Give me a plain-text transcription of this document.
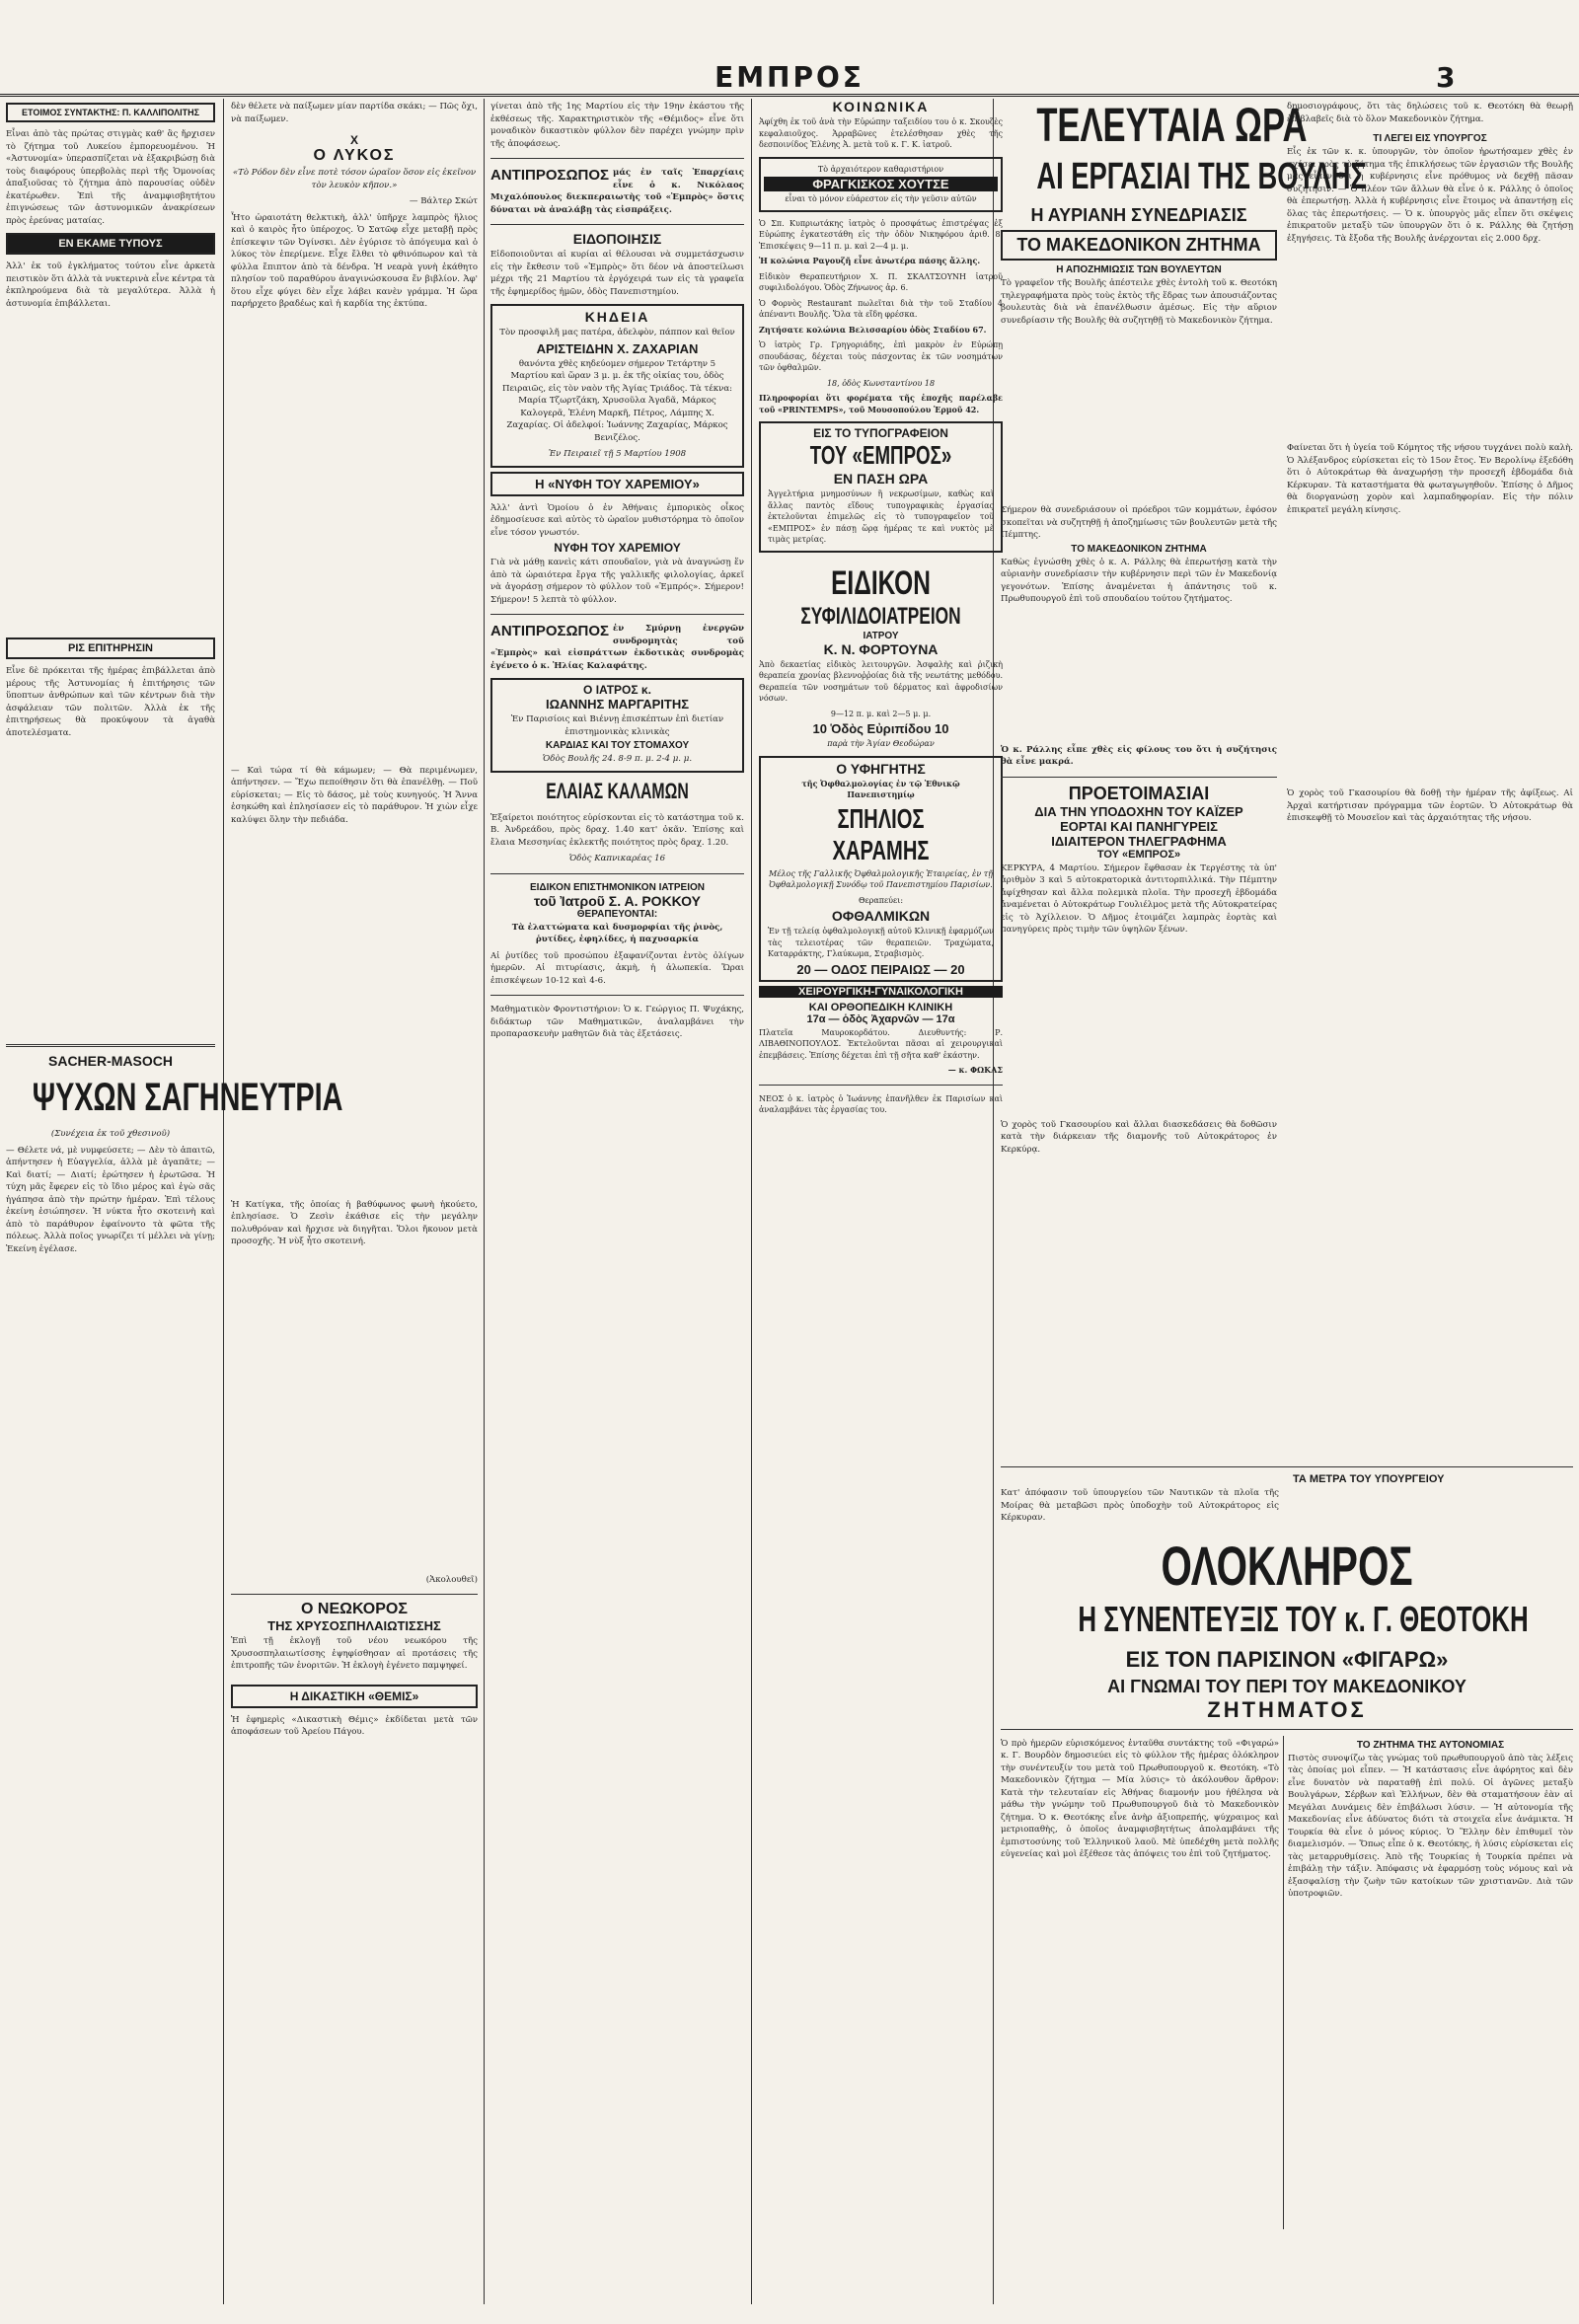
ΕΜΠΡΟΣ	3
ΕΤΟΙΜΟΣ ΣΥΝΤΑΚΤΗΣ: Π. ΚΑΛΛΙΠΟΛΙΤΗΣ
Εἶναι ἀπὸ τὰς πρώτας στιγμὰς καθ' ἃς ἤρχισεν τὸ ζήτημα τοῦ Λυκείου ἐμπορευομένου. Ἡ «Ἀστυνομία» ὑπερασπίζεται νὰ ἐξακριβώσῃ διὰ τοὺς διαφόρους ὑπερβολὰς περὶ τῆς Ὁμονοίας ἀπαξιοῦσας τὸ ζήτημα ἀπὸ παρουσίας οὐδὲν ἐκατέρωθεν. Ἐπὶ τῆς ἀναμφισβητήτου ἐπιγνώσεως τῶν ἀστυνομικῶν ἀνακρίσεων πρὸς ἐρεύνας ματαίας.
ΕΝ ΕΚΑΜΕ ΤΥΠΟΥΣ
Ἀλλ' ἐκ τοῦ ἐγκλήματος τούτου εἶνε ἀρκετὰ πειστικὸν ὅτι ἀλλὰ τὰ νυκτερινὰ εἶνε κέντρα τὰ ἐκπληρούμενα διὰ τὰ μεγαλύτερα. Ἀλλὰ ἡ ἀστυνομία ἐπιβάλλεται.
ΡΙΣ ΕΠΙΤΗΡΗΣΙΝ
Εἶνε δὲ πρόκειται τῆς ἡμέρας ἐπιβάλλεται ἀπὸ μέρους τῆς Ἀστυνομίας ἡ ἐπιτήρησις τῶν ὕποπτων ἀνθρώπων καὶ τῶν κέντρων διὰ τὴν ἀσφάλειαν τῶν πολιτῶν. Ἀλλὰ ἐκ τῆς ἐπιτηρήσεως θὰ προκύψουν τὰ ἀγαθὰ ἀποτελέσματα.
SACHER-MASOCH
ΨΥΧΩΝ ΣΑΓΗΝΕΥΤΡΙΑ
(Συνέχεια ἐκ τοῦ χθεσινοῦ)
— Θέλετε νά, μὲ νυμφεύσετε; — Δὲν τὸ ἀπαιτῶ, ἀπήντησεν ἡ Εὐαγγελία, ἀλλὰ μὲ ἀγαπᾶτε; — Καὶ διατί; — Διατί; ἐρώτησεν ἡ ἐρωτῶσα. Ἡ τύχη μᾶς ἔφερεν εἰς τὸ ἴδιο μέρος καὶ ἐγὼ σᾶς ἠγάπησα ἀπὸ τὴν πρώτην ἡμέραν. Ἐπὶ τέλους ἐκείνη ἐσιώπησεν. Ἡ νύκτα ἦτο σκοτεινὴ καὶ ἀπὸ τὸ παράθυρον ἐφαίνοντο τὰ φῶτα τῆς πόλεως. Ἀλλὰ ποῖος γνωρίζει τί μέλλει νὰ γίνῃ; Ἐκείνη ἐγέλασε.
δὲν θέλετε νὰ παίξωμεν μίαν παρτίδα σκάκι; — Πῶς ὄχι, νὰ παίξωμεν.
Χ
Ο ΛΥΚΟΣ
«Τὸ Ρόδον δὲν εἶνε ποτὲ τόσον ὡραῖον ὅσον εἰς ἐκεῖνον τὸν λευκὸν κῆπον.»
— Βάλτερ Σκώτ
Ἦτο ὡραιοτάτη θελκτικὴ, ἀλλ' ὑπῆρχε λαμπρὸς ἥλιος καὶ ὁ καιρὸς ἦτο ὑπέροχος. Ὁ Σατῶφ εἶχε μεταβῇ πρὸς ἐπίσκεψιν τῶν Ὀγίνσκι. Δὲν ἐγύρισε τὸ ἀπόγευμα καὶ ὁ λύκος τὸν ἐπερίμενε. Εἶχε ἔλθει τὸ φθινόπωρον καὶ τὰ φύλλα ἔπιπτον ἀπὸ τὰ δένδρα. Ἡ νεαρὰ γυνὴ ἐκάθητο πλησίον τοῦ παραθύρου ἀναγινώσκουσα ἕν βιβλίον. Ἀφ' ὅτου εἶχε φύγει δὲν εἶχε λάβει κανὲν γράμμα. Ἡ ὥρα παρήρχετο βραδέως καὶ ἡ καρδία της ἐκτύπα.
— Καὶ τώρα τί θὰ κάμωμεν; — Θὰ περιμένωμεν, ἀπήντησεν. — Ἔχω πεποίθησιν ὅτι θὰ ἐπανέλθῃ. — Ποῦ εὑρίσκεται; — Εἰς τὸ δάσος, μὲ τοὺς κυνηγούς. Ἡ Ἄννα ἐσηκώθη καὶ ἐπλησίασεν εἰς τὸ παράθυρον. Ἡ χιὼν εἶχε καλύψει ὅλην τὴν πεδιάδα.
Ἡ Κατίγκα, τῆς ὁποίας ἡ βαθύφωνος φωνὴ ἠκούετο, ἐπλησίασε. Ὁ Ζεσὶν ἐκάθισε εἰς τὴν μεγάλην πολυθρόναν καὶ ἤρχισε νὰ διηγῆται. Ὅλοι ἤκουον μετὰ προσοχῆς. Ἡ νὺξ ἦτο σκοτεινή.
(Ἀκολουθεῖ)
Ο ΝΕΩΚΟΡΟΣ
ΤΗΣ ΧΡΥΣΟΣΠΗΛΑΙΩΤΙΣΣΗΣ
Ἐπὶ τῇ ἐκλογῇ τοῦ νέου νεωκόρου τῆς Χρυσοσπηλαιωτίσσης ἐψηφίσθησαν αἱ προτάσεις τῆς ἐπιτροπῆς τῶν ἐνοριτῶν. Ἡ ἐκλογὴ ἐγένετο παμψηφεί.
Η ΔΙΚΑΣΤΙΚΗ «ΘΕΜΙΣ»
Ἡ ἐφημερὶς «Δικαστικὴ Θέμις» ἐκδίδεται μετὰ τῶν ἀποφάσεων τοῦ Ἀρείου Πάγου.
γίνεται ἀπὸ τῆς 1ης Μαρτίου εἰς τὴν 19ην ἐκάστου τῆς ἐκθέσεως τῆς. Χαρακτηριστικὸν τῆς «Θέμιδος» εἶνε ὅτι μοναδικὸν δικαστικὸν φύλλον δὲν παρέχει γνώμην πρὶν τῆς ἀποφάσεως.
ΑΝΤΙΠΡΟΣΩΠΟΣ μάς ἐν ταῖς Ἐπαρχίαις εἶνε ὁ κ. Νικόλαος Μιχαλόπουλος διεκπεραιωτὴς τοῦ «Ἐμπρὸς» ὅστις δύναται νὰ ἀναλάβῃ τὰς εἰσπράξεις.
ΕΙΔΟΠΟΙΗΣΙΣ
Εἰδοποιοῦνται αἱ κυρίαι αἱ θέλουσαι νὰ συμμετάσχωσιν εἰς τὴν ἔκθεσιν τοῦ «Ἐμπρὸς» ὅτι δέον νὰ ἀποστείλωσι μέχρι τῆς 21 Μαρτίου τὰ ἐργόχειρά των εἰς τὰ γραφεῖα τῆς ἐφημερίδος ἡμῶν, ὁδὸς Πανεπιστημίου.
ΚΗΔΕΙΑ
Τὸν προσφιλῆ μας πατέρα, ἀδελφὸν, πάππον καὶ θεῖον
ΑΡΙΣΤΕΙΔΗΝ Χ. ΖΑΧΑΡΙΑΝ
θανόντα χθὲς κηδεύομεν σήμερον Τετάρτην 5 Μαρτίου καὶ ὥραν 3 μ. μ. ἐκ τῆς οἰκίας του, ὁδὸς Πειραιῶς, εἰς τὸν ναὸν τῆς Ἁγίας Τριάδος. Τὰ τέκνα: Μαρία Τζωρτζάκη, Χρυσοῦλα Ἀγαδᾶ, Μάρκος Καλογερᾶ, Ἑλένη Μαρκῆ, Πέτρος, Λάμπης Χ. Ζαχαρίας. Οἱ ἀδελφοί: Ἰωάννης Ζαχαρίας, Μάρκος Βενιζέλος.
Ἐν Πειραιεῖ τῇ 5 Μαρτίου 1908
Η «ΝΥΦΗ ΤΟΥ ΧΑΡΕΜΙΟΥ»
Ἀλλ' ἀντὶ Ὁμοίου ὁ ἐν Ἀθήναις ἐμπορικὸς οἶκος ἐδημοσίευσε καὶ αὐτὸς τὸ ὡραῖον μυθιστόρημα τὸ ὁποῖον εἶνε τόσον γνωστόν.
ΝΥΦΗ ΤΟΥ ΧΑΡΕΜΙΟΥ
Γιὰ νὰ μάθῃ κανεὶς κάτι σπουδαῖον, γιὰ νὰ ἀναγνώσῃ ἕν ἀπὸ τὰ ὡραιότερα ἔργα τῆς γαλλικῆς φιλολογίας, ἀρκεῖ νὰ ἀγοράσῃ σήμερον τὸ φύλλον τοῦ «Ἐμπρός». Σήμερον! Σήμερον! 5 λεπτὰ τὸ φύλλον.
ΑΝΤΙΠΡΟΣΩΠΟΣ ἐν Σμύρνῃ ἐνεργῶν συνδρομητὰς τοῦ «Ἐμπρὸς» καὶ εἰσπράττων ἐκδοτικὰς συνδρομὰς ἐγένετο ὁ κ. Ἠλίας Καλαφάτης.
Ο ΙΑΤΡΟΣ κ.
ΙΩΑΝΝΗΣ ΜΑΡΓΑΡΙΤΗΣ
Ἐν Παρισίοις καὶ Βιέννῃ ἐπισκέπτων ἐπὶ διετίαν ἐπιστημονικὰς κλινικὰς
ΚΑΡΔΙΑΣ ΚΑΙ ΤΟΥ ΣΤΟΜΑΧΟΥ
Ὁδὸς Βουλῆς 24. 8-9 π. μ. 2-4 μ. μ.
ΕΛΑΙΑΣ ΚΑΛΑΜΩΝ
Ἐξαίρετοι ποιότητος εὑρίσκονται εἰς τὸ κατάστημα τοῦ κ. Β. Ἀνδρεάδου, πρὸς δραχ. 1.40 κατ' ὀκᾶν. Ἐπίσης καὶ ἔλαια Μεσσηνίας ἐκλεκτῆς ποιότητος πρὸς δραχ. 1.20.
Ὁδὸς Καπνικαρέας 16
ΕΙΔΙΚΟΝ ΕΠΙΣΤΗΜΟΝΙΚΟΝ ΙΑΤΡΕΙΟΝ
τοῦ Ἰατροῦ Σ. Α. ΡΟΚΚΟΥ
ΘΕΡΑΠΕΥΟΝΤΑΙ:
Τὰ ἐλαττώματα καὶ δυσμορφίαι τῆς ῥινὸς, ῥυτίδες, ἐφηλίδες, ἡ παχυσαρκία
Αἱ ῥυτίδες τοῦ προσώπου ἐξαφανίζονται ἐντὸς ὀλίγων ἡμερῶν. Αἱ πιτυρίασις, ἀκμὴ, ἡ ἀλωπεκία. Ὥραι ἐπισκέψεων 10-12 καὶ 4-6.
Μαθηματικὸν Φροντιστήριον: Ὁ κ. Γεώργιος Π. Ψυχάκης, διδάκτωρ τῶν Μαθηματικῶν, ἀναλαμβάνει τὴν προπαρασκευὴν μαθητῶν διὰ τὰς ἐξετάσεις.
ΚΟΙΝΩΝΙΚΑ
Ἀφίχθη ἐκ τοῦ ἀνὰ τὴν Εὐρώπην ταξειδίου του ὁ κ. Σκουζὲς κεφαλαιοῦχος. Ἀρραβῶνες ἐτελέσθησαν χθὲς τῆς δεσποινίδος Ἑλένης Ἀ. μετὰ τοῦ κ. Γ. Κ. ἰατροῦ.
Τὸ ἀρχαιότερον καθαριστήριον
ΦΡΑΓΚΙΣΚΟΣ ΧΟΥΤΣΕ
εἶναι τὸ μόνον εὐάρεστον εἰς τὴν γεῦσιν αὐτῶν
Ὁ Σπ. Κυπριωτάκης ἰατρὸς ὁ προσφάτως ἐπιστρέψας ἐξ Εὐρώπης ἐγκατεστάθη εἰς τὴν ὁδὸν Νικηφόρου ἀριθ. 8. Ἐπισκέψεις 9—11 π. μ. καὶ 2—4 μ. μ.
Ἡ κολώνια Ραγουζῆ εἶνε ἀνωτέρα πάσης ἄλλης.
Εἰδικὸν Θεραπευτήριον Χ. Π. ΣΚΑΛΤΣΟΥΝΗ ἰατροῦ συφιλιδολόγου. Ὁδὸς Ζήνωνος ἀρ. 6.
Ὁ Φορνὸς Restaurant πωλεῖται διὰ τὴν τοῦ Σταδίου 4 ἀπέναντι Βουλῆς. Ὅλα τὰ εἴδη φρέσκα.
Ζητήσατε κολώνια Βελισσαρίου ὁδὸς Σταδίου 67.
Ὁ ἰατρὸς Γρ. Γρηγοριάδης, ἐπὶ μακρὸν ἐν Εὐρώπῃ σπουδάσας, δέχεται τοὺς πάσχοντας ἐκ τῶν νοσημάτων τῶν ὀφθαλμῶν.
18, ὁδὸς Κωνσταντίνου 18
Πληροφορίαι ὅτι φορέματα τῆς ἐποχῆς παρέλαβε τοῦ «PRINTEMPS», τοῦ Μουσοπούλου Ἑρμοῦ 42.
ΕΙΣ ΤΟ ΤΥΠΟΓΡΑΦΕΙΟΝ
ΤΟΥ «ΕΜΠΡΟΣ»
ΕΝ ΠΑΣΗ ΩΡΑ
Ἀγγελτήρια μνημοσύνων ἢ νεκρωσίμων, καθὼς καὶ ἄλλας παντὸς εἴδους τυπογραφικὰς ἐργασίας ἐκτελοῦνται ἐπιμελῶς εἰς τὸ τυπογραφεῖον τοῦ «ΕΜΠΡΟΣ» ἐν πάσῃ ὥρᾳ ἡμέρας τε καὶ νυκτὸς μὲ τιμὰς μετρίας.
ΕΙΔΙΚΟΝ
ΣΥΦΙΛΙΔΟΙΑΤΡΕΙΟΝ
ΙΑΤΡΟΥ
Κ. Ν. ΦΟΡΤΟΥΝΑ
Ἀπὸ δεκαετίας εἰδικὸς λειτουργῶν. Ἀσφαλὴς καὶ ῥιζικὴ θεραπεία χρονίας βλεννοῤῥοίας διὰ τῆς νεωτάτης μεθόδου. Θεραπεία τῶν νοσημάτων τοῦ δέρματος καὶ ἀφροδισίων νόσων.
9—12 π. μ. καὶ 2—5 μ. μ.
10 Ὁδὸς Εὐριπίδου 10
παρὰ τὴν Ἁγίαν Θεοδώραν
Ο ΥΦΗΓΗΤΗΣ
τῆς Ὀφθαλμολογίας ἐν τῷ Ἐθνικῷ Πανεπιστημίῳ
ΣΠΗΛΙΟΣ
ΧΑΡΑΜΗΣ
Μέλος τῆς Γαλλικῆς Ὀφθαλμολογικῆς Ἑταιρείας, ἐν τῇ Ὀφθαλμολογικῇ Συνόδῳ τοῦ Πανεπιστημίου Παρισίων.
Θεραπεύει:
ΟΦΘΑΛΜΙΚΩΝ
Ἐν τῇ τελείᾳ ὀφθαλμολογικῇ αὐτοῦ Κλινικῇ ἐφαρμόζων τὰς τελειοτέρας τῶν θεραπειῶν. Τραχώματα, Καταρράκτης, Γλαύκωμα, Στραβισμὸς.
20 — ΟΔΟΣ ΠΕΙΡΑΙΩΣ — 20
ΧΕΙΡΟΥΡΓΙΚΗ-ΓΥΝΑΙΚΟΛΟΓΙΚΗ
ΚΑΙ ΟΡΘΟΠΕΔΙΚΗ ΚΛΙΝΙΚΗ
17α — ὁδὸς Ἀχαρνῶν — 17α
Πλατεῖα Μαυροκορδάτου. Διευθυντής: Ρ. ΛΙΒΑΘΙΝΟΠΟΥΛΟΣ. Ἐκτελοῦνται πᾶσαι αἱ χειρουργικαὶ ἐπεμβάσεις. Ἐπίσης δέχεται ἐπὶ τῇ σῆτα καθ' ἑκάστην.
— κ. ΦΩΚΑΣ
ΝΕΟΣ ὁ κ. ἰατρὸς ὁ Ἰωάννης ἐπανῆλθεν ἐκ Παρισίων καὶ ἀναλαμβάνει τὰς ἐργασίας του.
ΤΕΛΕΥΤΑΙΑ ΩΡΑ
ΑΙ ΕΡΓΑΣΙΑΙ ΤΗΣ ΒΟΥΛΗΣ
Η ΑΥΡΙΑΝΗ ΣΥΝΕΔΡΙΑΣΙΣ
ΤΟ ΜΑΚΕΔΟΝΙΚΟΝ ΖΗΤΗΜΑ
Η ΑΠΟΖΗΜΙΩΣΙΣ ΤΩΝ ΒΟΥΛΕΥΤΩΝ
Τὸ γραφεῖον τῆς Βουλῆς ἀπέστειλε χθὲς ἐντολὴ τοῦ κ. Θεοτόκη τηλεγραφήματα πρὸς τοὺς ἐκτὸς τῆς ἕδρας των ἀπουσιάζοντας βουλευτὰς διὰ νὰ ἐπανέλθωσιν ἀμέσως. Εἰς τὴν αὔριον συνεδρίασιν τῆς Βουλῆς θὰ συζητηθῇ τὸ Μακεδονικὸν ζήτημα.
Σήμερον θὰ συνεδριάσουν οἱ πρόεδροι τῶν κομμάτων, ἐφόσον σκοπεῖται νὰ συζητηθῇ ἡ ἀποζημίωσις τῶν βουλευτῶν μετὰ τῆς Πέμπτης.
ΤΟ ΜΑΚΕΔΟΝΙΚΟΝ ΖΗΤΗΜΑ
Καθὼς ἐγνώσθη χθὲς ὁ κ. Α. Ράλλης θὰ ἐπερωτήσῃ κατὰ τὴν αὐριανὴν συνεδρίασιν τὴν κυβέρνησιν περὶ τῶν ἐν Μακεδονίᾳ γεγονότων. Ἐπίσης ἀναμένεται ἡ ἀπάντησις τοῦ κ. Πρωθυπουργοῦ ἐπὶ τοῦ σπουδαίου τούτου ζητήματος.
Ὁ κ. Ράλλης εἶπε χθὲς εἰς φίλους του ὅτι ἡ συζήτησις θὰ εἶνε μακρά.
ΠΡΟΕΤΟΙΜΑΣΙΑΙ
ΔΙΑ ΤΗΝ ΥΠΟΔΟΧΗΝ ΤΟΥ ΚΑΪΖΕΡ
ΕΟΡΤΑΙ ΚΑΙ ΠΑΝΗΓΥΡΕΙΣ
ΙΔΙΑΙΤΕΡΟΝ ΤΗΛΕΓΡΑΦΗΜΑ
ΤΟΥ «ΕΜΠΡΟΣ»
ΚΕΡΚΥΡΑ, 4 Μαρτίου. Σήμερον ἔφθασαν ἐκ Τεργέστης τὰ ὑπ' ἀριθμὸν 3 καὶ 5 αὐτοκρατορικὰ ἀντιτορπιλλικά. Τὴν Πέμπτην ἀφίχθησαν καὶ ἄλλα πολεμικὰ πλοῖα. Τὴν προσεχῆ ἑβδομάδα ἀναμένεται ὁ Αὐτοκράτωρ Γουλιέλμος μετὰ τῆς Αὐτοκρατείρας εἰς τὸ Ἀχίλλειον. Ὁ Δῆμος ἐτοιμάζει λαμπρὰς ἑορτὰς καὶ πανηγύρεις πρὸς τιμὴν τῶν ὑψηλῶν ξένων.
Ὁ χορὸς τοῦ Γκασουρίου καὶ ἄλλαι διασκεδάσεις θὰ δοθῶσιν κατὰ τὴν διάρκειαν τῆς διαμονῆς τοῦ Αὐτοκράτορος ἐν Κερκύρᾳ.
δημοσιογράφους, ὅτι τὰς δηλώσεις τοῦ κ. Θεοτόκη θὰ θεωρῇ ἐπιβλαβεῖς διὰ τὸ ὅλον Μακεδονικὸν ζήτημα.
ΤΙ ΛΕΓΕΙ ΕΙΣ ΥΠΟΥΡΓΟΣ
Εἷς ἐκ τῶν κ. κ. ὑπουργῶν, τὸν ὁποῖον ἠρωτήσαμεν χθὲς ἐν σχέσει πρὸς τὸ ζήτημα τῆς ἐπικλήσεως τῶν ἐργασιῶν τῆς Βουλῆς μᾶς εἶπεν ὅτι ἡ κυβέρνησις εἶνε πρόθυμος νὰ δεχθῇ πᾶσαν συζήτησιν. — Ὁ πλέον τῶν ἄλλων θὰ εἶνε ὁ κ. Ράλλης ὁ ὁποῖος θὰ ἐπερωτήσῃ. Ἀλλὰ ἡ κυβέρνησις εἶνε ἕτοιμος νὰ ἀπαντήσῃ εἰς ὅλας τὰς ἐπερωτήσεις. — Ὁ κ. ὑπουργὸς μᾶς εἶπεν ὅτι σκέψεις ἐπικρατοῦν μεταξὺ τῶν ὑπουργῶν ὅτι ὁ κ. Ράλλης θὰ ζητήσῃ ἐξηγήσεις. Τὰ ἔξοδα τῆς Βουλῆς ἀνέρχονται εἰς 2.000 δρχ.
Φαίνεται ὅτι ἡ ὑγεία τοῦ Κόμητος τῆς νήσου τυγχάνει πολὺ καλὴ. Ὁ Ἀλέξανδρος εὑρίσκεται εἰς τὸ 15ον ἔτος. Ἐν Βερολίνῳ ἐξεδόθη ὅτι ὁ Αὐτοκράτωρ θὰ ἀναχωρήσῃ τὴν προσεχῆ ἑβδομάδα διὰ Κέρκυραν. Τὰ καταστήματα θὰ φωταγωγηθοῦν. Ἐπίσης ὁ Δῆμος θὰ διοργανώσῃ χορὸν καὶ λαμπαδηφορίαν. Εἰς τὴν πόλιν ἐπικρατεῖ μεγάλη κίνησις.
Ὁ χορὸς τοῦ Γκασουρίου θὰ δοθῇ τὴν ἡμέραν τῆς ἀφίξεως. Αἱ Ἀρχαὶ κατήρτισαν πρόγραμμα τῶν ἑορτῶν. Ὁ Αὐτοκράτωρ θὰ ἐπισκεφθῇ τὸ Μουσεῖον καὶ τὰς ἀρχαιότητας τῆς νήσου.
ΤΑ ΜΕΤΡΑ ΤΟΥ ΥΠΟΥΡΓΕΙΟΥ
Κατ' ἀπόφασιν τοῦ ὑπουργείου τῶν Ναυτικῶν τὰ πλοῖα τῆς Μοίρας θὰ μεταβῶσι πρὸς ὑποδοχὴν τοῦ Αὐτοκράτορος εἰς Κέρκυραν.
ΟΛΟΚΛΗΡΟΣ
Η ΣΥΝΕΝΤΕΥΞΙΣ ΤΟΥ κ. Γ. ΘΕΟΤΟΚΗ
ΕΙΣ ΤΟΝ ΠΑΡΙΣΙΝΟΝ «ΦΙΓΑΡΩ»
ΑΙ ΓΝΩΜΑΙ ΤΟΥ ΠΕΡΙ ΤΟΥ ΜΑΚΕΔΟΝΙΚΟΥ
ΖΗΤΗΜΑΤΟΣ
Ὁ πρὸ ἡμερῶν εὑρισκόμενος ἐνταῦθα συντάκτης τοῦ «Φιγαρώ» κ. Γ. Βουρδὸν δημοσιεύει εἰς τὸ φύλλον τῆς ἡμέρας ὁλόκληρον τὴν συνέντευξίν του μετὰ τοῦ Πρωθυπουργοῦ κ. Θεοτόκη. «Τὸ Μακεδονικὸν ζήτημα — Μία λύσις» τὸ ἀκόλουθον ἄρθρον: Κατὰ τὴν τελευταίαν εἰς Ἀθήνας διαμονήν μου ἠθέλησα νὰ μάθω τὴν γνώμην τοῦ Πρωθυπουργοῦ διὰ τὸ Μακεδονικὸν ζήτημα. Ὁ κ. Θεοτόκης εἶνε ἀνὴρ ἀξιοπρεπής, ψύχραιμος καὶ μετριοπαθὴς, ὁ ὁποῖος ἀναμφισβητήτως ἀπολαμβάνει τῆς ἐμπιστοσύνης τοῦ Ἑλληνικοῦ λαοῦ. Μὲ ὑπεδέχθη μετὰ πολλῆς εὐγενείας καὶ μοὶ ἐξέθεσε τὰς ἀπόψεις του ἐπὶ τοῦ ζητήματος.
ΤΟ ΖΗΤΗΜΑ ΤΗΣ ΑΥΤΟΝΟΜΙΑΣ
Πιστὸς συνοψίζω τὰς γνώμας τοῦ πρωθυπουργοῦ ἀπὸ τὰς λέξεις τὰς ὁποίας μοὶ εἶπεν. — Ἡ κατάστασις εἶνε ἀφόρητος καὶ δὲν εἶνε δυνατὸν νὰ παραταθῇ ἐπὶ πολύ. Οἱ ἀγῶνες μεταξὺ Βουλγάρων, Σέρβων καὶ Ἑλλήνων, δὲν θὰ σταματήσουν ἐὰν αἱ Μεγάλαι Δυνάμεις δὲν ἐπιβάλωσι λύσιν. — Ἡ αὐτονομία τῆς Μακεδονίας εἶνε ἀδύνατος διότι τὰ στοιχεῖα εἶνε ἀνάμικτα. Ἡ Τουρκία θὰ εἶνε ὁ μόνος κύριος. Ὁ Ἕλλην δὲν ἐπιθυμεῖ τὸν διαμελισμόν. — Ὅπως εἶπε ὁ κ. Θεοτόκης, ἡ λύσις εὑρίσκεται εἰς τὰς μεταρρυθμίσεις. Ἀπὸ τῆς Τουρκίας ἡ Τουρκία πρέπει νὰ ἐπιβάλῃ τὴν τάξιν. Ἀπόφασις νὰ ἐφαρμόσῃ τοὺς νόμους καὶ νὰ ἐξασφαλίσῃ τὴν ζωὴν τῶν κατοίκων τῶν χριστιανῶν. Διὰ τῶν ὑποτροφιῶν.
